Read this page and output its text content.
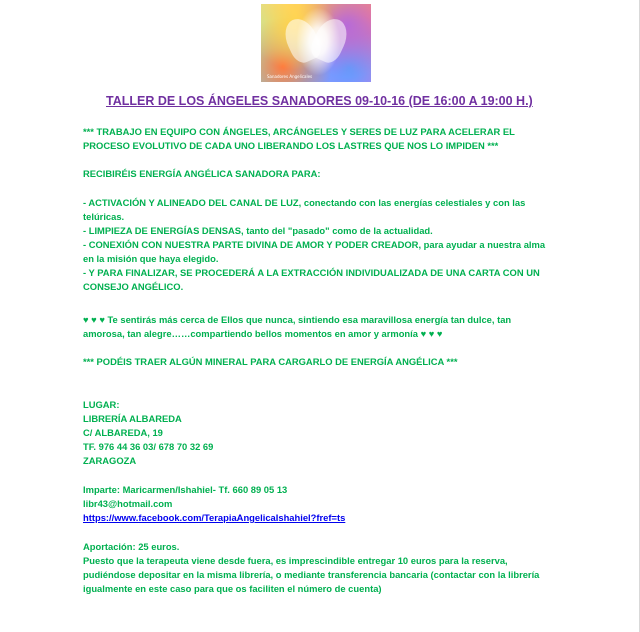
Sanadores Angelicales
TALLER DE LOS ÁNGELES SANADORES 09-10-16 (DE 16:00 A 19:00 H.)

*** TRABAJO EN EQUIPO CON ÁNGELES, ARCÁNGELES Y SERES DE LUZ PARA ACELERAR EL PROCESO EVOLUTIVO DE CADA UNO LIBERANDO LOS LASTRES QUE NOS LO IMPIDEN ***

RECIBIRÉIS ENERGÍA ANGÉLICA SANADORA PARA:

- ACTIVACIÓN Y ALINEADO DEL CANAL DE LUZ, conectando con las energías celestiales y con las telúricas.

- LIMPIEZA DE ENERGÍAS DENSAS, tanto del "pasado" como de la actualidad.

- CONEXIÓN CON NUESTRA PARTE DIVINA DE AMOR Y PODER CREADOR, para ayudar a nuestra alma en la misión que haya elegido.

- Y PARA FINALIZAR, SE PROCEDERÁ A LA EXTRACCIÓN INDIVIDUALIZADA DE UNA CARTA CON UN CONSEJO ANGÉLICO.

♥ ♥ ♥ Te sentirás más cerca de Ellos que nunca, sintiendo esa maravillosa energía tan dulce, tan amorosa, tan alegre……compartiendo bellos momentos en amor y armonía ♥ ♥ ♥

*** PODÉIS TRAER ALGÚN MINERAL PARA CARGARLO DE ENERGÍA ANGÉLICA ***

LUGAR:

LIBRERÍA ALBAREDA

C/ ALBAREDA, 19

TF. 976 44 36 03/ 678 70 32 69

ZARAGOZA

Imparte: Maricarmen/Ishahiel- Tf. 660 89 05 13

libr43@hotmail.com

https://www.facebook.com/TerapiaAngelicaIshahiel?fref=ts

Aportación: 25 euros.

Puesto que la terapeuta viene desde fuera, es imprescindible entregar 10 euros para la reserva, pudiéndose depositar en la misma librería, o mediante transferencia bancaria (contactar con la librería igualmente en este caso para que os faciliten el número de cuenta)
